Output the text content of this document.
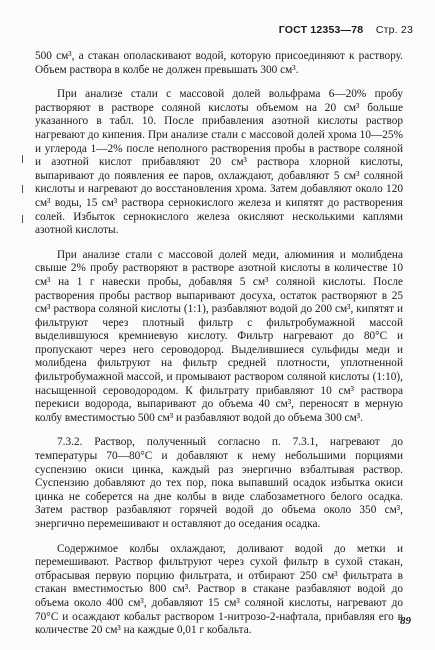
ГОСТ 12353—78 Стр. 23

500 см³, а стакан ополаскивают водой, которую присоединяют к раствору. Объем раствора в колбе не должен превышать 300 см³.

При анализе стали с массовой долей вольфрама 6—20% пробу растворяют в растворе соляной кислоты объемом на 20 см³ больше указанного в табл. 10. После прибавления азотной кислоты раствор нагревают до кипения. При анализе стали с массовой долей хрома 10—25% и углерода 1—2% после неполного растворения пробы в растворе соляной и азотной кислот прибавляют 20 см³ раствора хлорной кислоты, выпаривают до появления ее паров, охлаждают, добавляют 5 см³ соляной кислоты и нагревают до восстановления хрома. Затем добавляют около 120 см³ воды, 15 см³ раствора сернокислого железа и кипятят до растворения солей. Избыток сернокислого железа окисляют несколькими каплями азотной кислоты.

При анализе стали с массовой долей меди, алюминия и молибдена свыше 2% пробу растворяют в растворе азотной кислоты в количестве 10 см³ на 1 г навески пробы, добавляя 5 см³ соляной кислоты. После растворения пробы раствор выпаривают досуха, остаток растворяют в 25 см³ раствора соляной кислоты (1:1), разбавляют водой до 200 см³, кипятят и фильтруют через плотный фильтр с фильтробумажной массой выделившуюся кремниевую кислоту. Фильтр нагревают до 80°С и пропускают через него сероводород. Выделившиеся сульфиды меди и молибдена фильтруют на фильтр средней плотности, уплотненной фильтробумажной массой, и промывают раствором соляной кислоты (1:10), насыщенной сероводородом. К фильтрату прибавляют 10 см³ раствора перекиси водорода, выпаривают до объема 40 см³, переносят в мерную колбу вместимостью 500 см³ и разбавляют водой до объема 300 см³.

7.3.2. Раствор, полученный согласно п. 7.3.1, нагревают до температуры 70—80°С и добавляют к нему небольшими порциями суспензию окиси цинка, каждый раз энергично взбалтывая раствор. Суспензию добавляют до тех пор, пока выпавший осадок избытка окиси цинка не соберется на дне колбы в виде слабозаметного белого осадка. Затем раствор разбавляют горячей водой до объема около 350 см³, энергично перемешивают и оставляют до оседания осадка.

Содержимое колбы охлаждают, доливают водой до метки и перемешивают. Раствор фильтруют через сухой фильтр в сухой стакан, отбрасывая первую порцию фильтрата, и отбирают 250 см³ фильтрата в стакан вместимостью 800 см³. Раствор в стакане разбавляют водой до объема около 400 см³, добавляют 15 см³ соляной кислоты, нагревают до 70°С и осаждают кобальт раствором 1-нитрозо-2-нафтала, прибавляя его в количестве 20 см³ на каждые 0,01 г кобальта.

89
